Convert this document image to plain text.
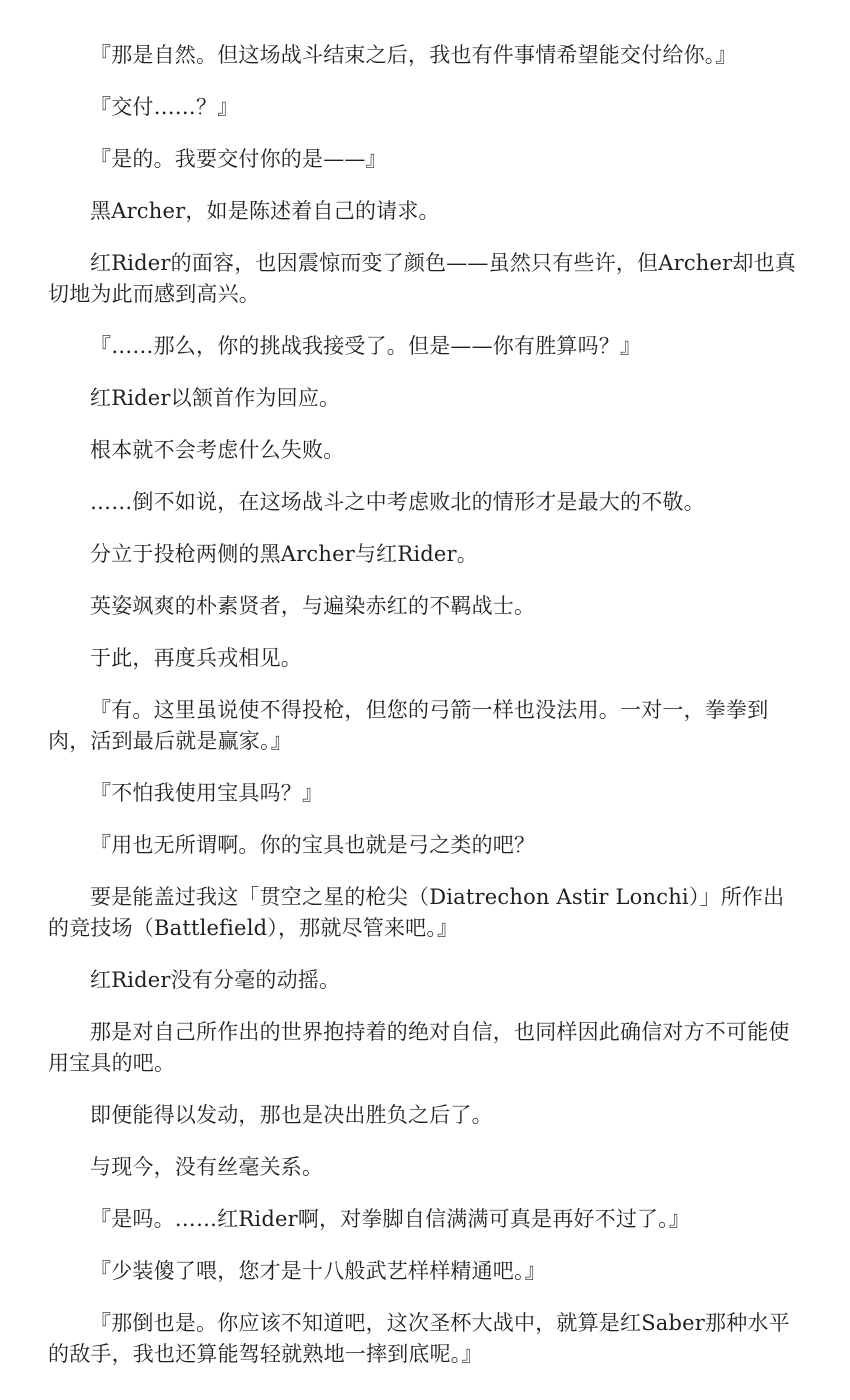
『那是自然。但这场战斗结束之后，我也有件事情希望能交付给你。』

『交付……？』

『是的。我要交付你的是——』

黑Archer，如是陈述着自己的请求。

红Rider的面容，也因震惊而变了颜色——虽然只有些许，但Archer却也真切地为此而感到高兴。

『……那么，你的挑战我接受了。但是——你有胜算吗？』

红Rider以颔首作为回应。

根本就不会考虑什么失败。

……倒不如说，在这场战斗之中考虑败北的情形才是最大的不敬。

分立于投枪两侧的黑Archer与红Rider。

英姿飒爽的朴素贤者，与遍染赤红的不羁战士。

于此，再度兵戎相见。

『有。这里虽说使不得投枪，但您的弓箭一样也没法用。一对一，拳拳到肉，活到最后就是赢家。』

『不怕我使用宝具吗？』

『用也无所谓啊。你的宝具也就是弓之类的吧？

要是能盖过我这「贯空之星的枪尖（Diatrechon Astir Lonchi）」所作出的竞技场（Battlefield），那就尽管来吧。』

红Rider没有分毫的动摇。

那是对自己所作出的世界抱持着的绝对自信，也同样因此确信对方不可能使用宝具的吧。

即便能得以发动，那也是决出胜负之后了。

与现今，没有丝毫关系。

『是吗。……红Rider啊，对拳脚自信满满可真是再好不过了。』

『少装傻了喂，您才是十八般武艺样样精通吧。』

『那倒也是。你应该不知道吧，这次圣杯大战中，就算是红Saber那种水平的敌手，我也还算能驾轻就熟地一摔到底呢。』
